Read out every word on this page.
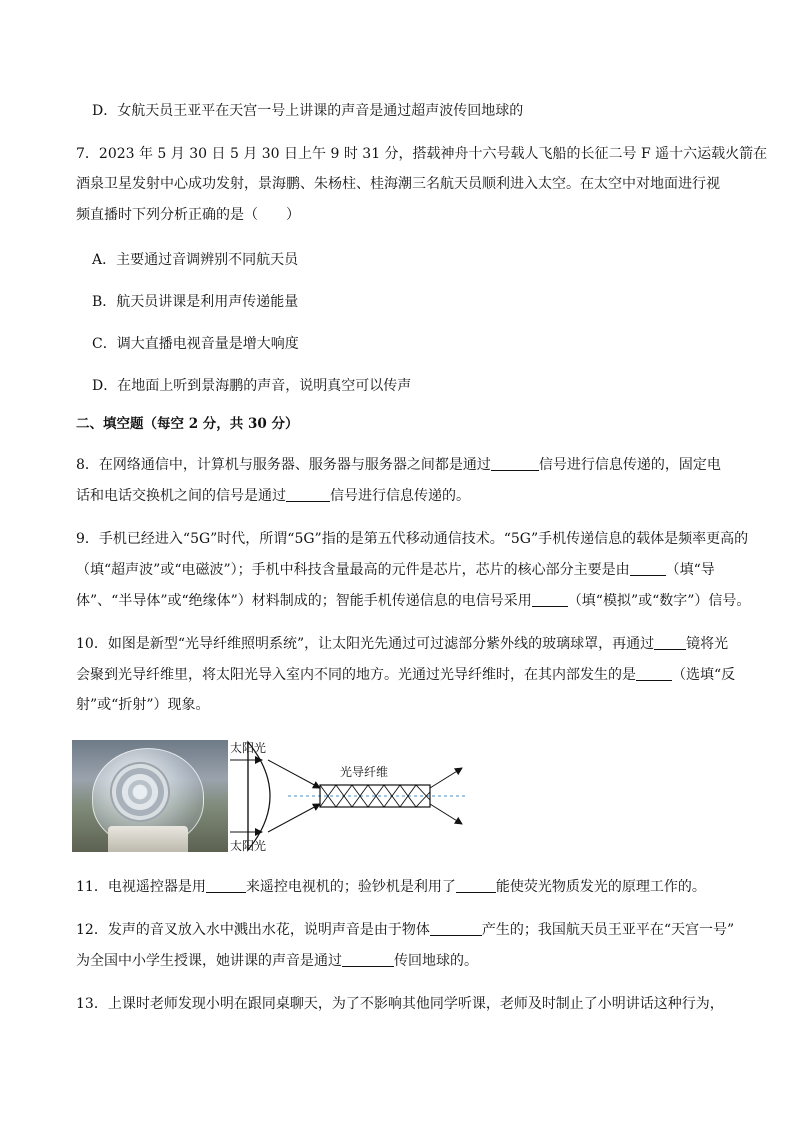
D．女航天员王亚平在天宫一号上讲课的声音是通过超声波传回地球的
7．2023 年 5 月 30 日 5 月 30 日上午 9 时 31 分，搭载神舟十六号载人飞船的长征二号 F 遥十六运载火箭在
酒泉卫星发射中心成功发射，景海鹏、朱杨柱、桂海潮三名航天员顺利进入太空。在太空中对地面进行视
频直播时下列分析正确的是（　　）
A．主要通过音调辨别不同航天员
B．航天员讲课是利用声传递能量
C．调大直播电视音量是增大响度
D．在地面上听到景海鹏的声音，说明真空可以传声
二、填空题（每空 2 分，共 30 分）
8．在网络通信中，计算机与服务器、服务器与服务器之间都是通过	信号进行信息传递的，固定电
话和电话交换机之间的信号是通过	信号进行信息传递的。
9．手机已经进入“5G”时代，所谓“5G”指的是第五代移动通信技术。“5G”手机传递信息的载体是频率更高的
（填“超声波”或“电磁波”）；手机中科技含量最高的元件是芯片，芯片的核心部分主要是由	（填“导
体”、“半导体”或“绝缘体”）材料制成的；智能手机传递信息的电信号采用	（填“模拟”或“数字”）信号。
10．如图是新型“光导纤维照明系统”，让太阳光先通过可过滤部分紫外线的玻璃球罩，再通过 镜将光
会聚到光导纤维里，将太阳光导入室内不同的地方。光通过光导纤维时，在其内部发生的是	（选填“反
射”或“折射”）现象。
太阳光
太阳光
光导纤维
11．电视遥控器是用	来遥控电视机的；验钞机是利用了	能使荧光物质发光的原理工作的。
12．发声的音叉放入水中溅出水花，说明声音是由于物体	产生的；我国航天员王亚平在“天宫一号”
为全国中小学生授课，她讲课的声音是通过	传回地球的。
13．上课时老师发现小明在跟同桌聊天，为了不影响其他同学听课，老师及时制止了小明讲话这种行为，
